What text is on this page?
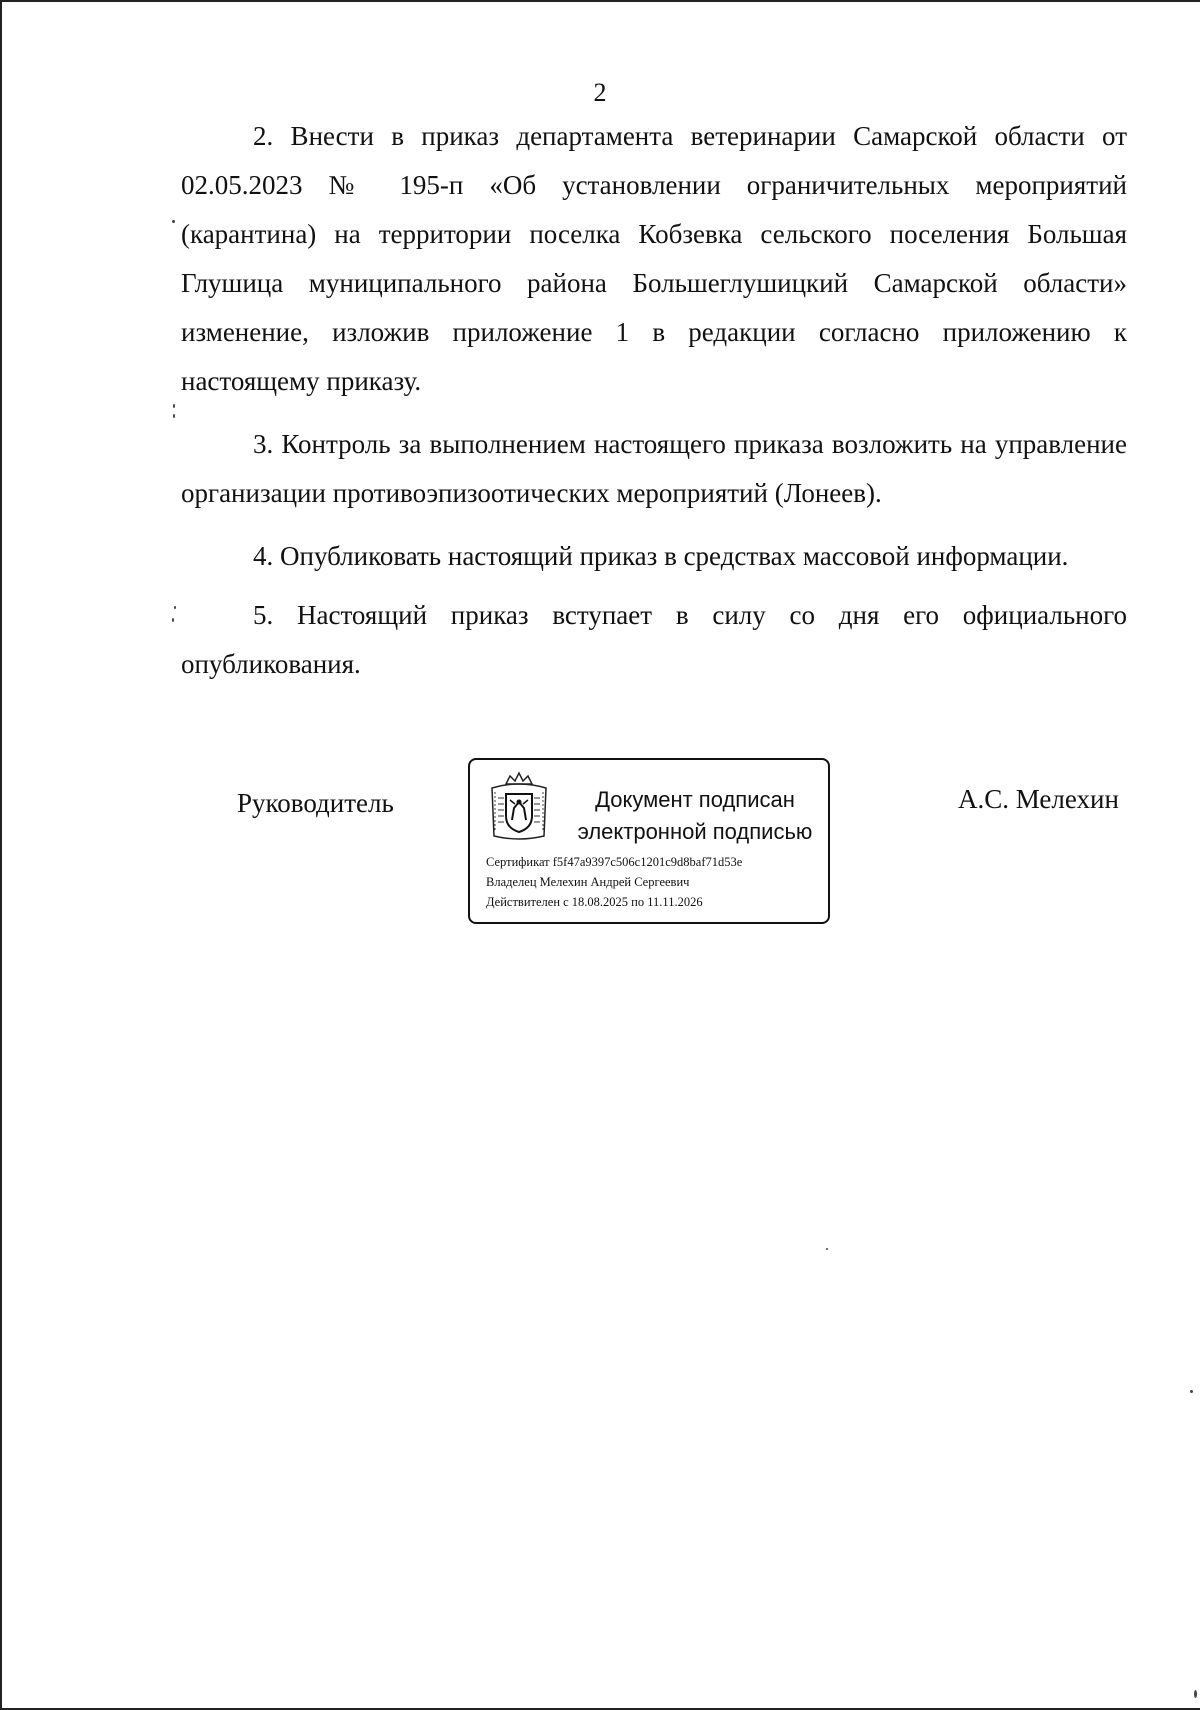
2

2. Внести в приказ департамента ветеринарии Самарской области от 02.05.2023 № 195-п «Об установлении ограничительных мероприятий (карантина) на территории поселка Кобзевка сельского поселения Большая Глушица муниципального района Большеглушицкий Самарской области» изменение, изложив приложение 1 в редакции согласно приложению к настоящему приказу.

3. Контроль за выполнением настоящего приказа возложить на управление организации противоэпизоотических мероприятий (Лонеев).

4. Опубликовать настоящий приказ в средствах массовой информации.

5. Настоящий приказ вступает в силу со дня его официального опубликования.

Руководитель	Документ подписан
электронной подписью
Сертификат f5f47a9397c506c1201c9d8baf71d53e
Владелец Мелехин Андрей Сергеевич
Действителен с 18.08.2025 по 11.11.2026
А.С. Мелехин
